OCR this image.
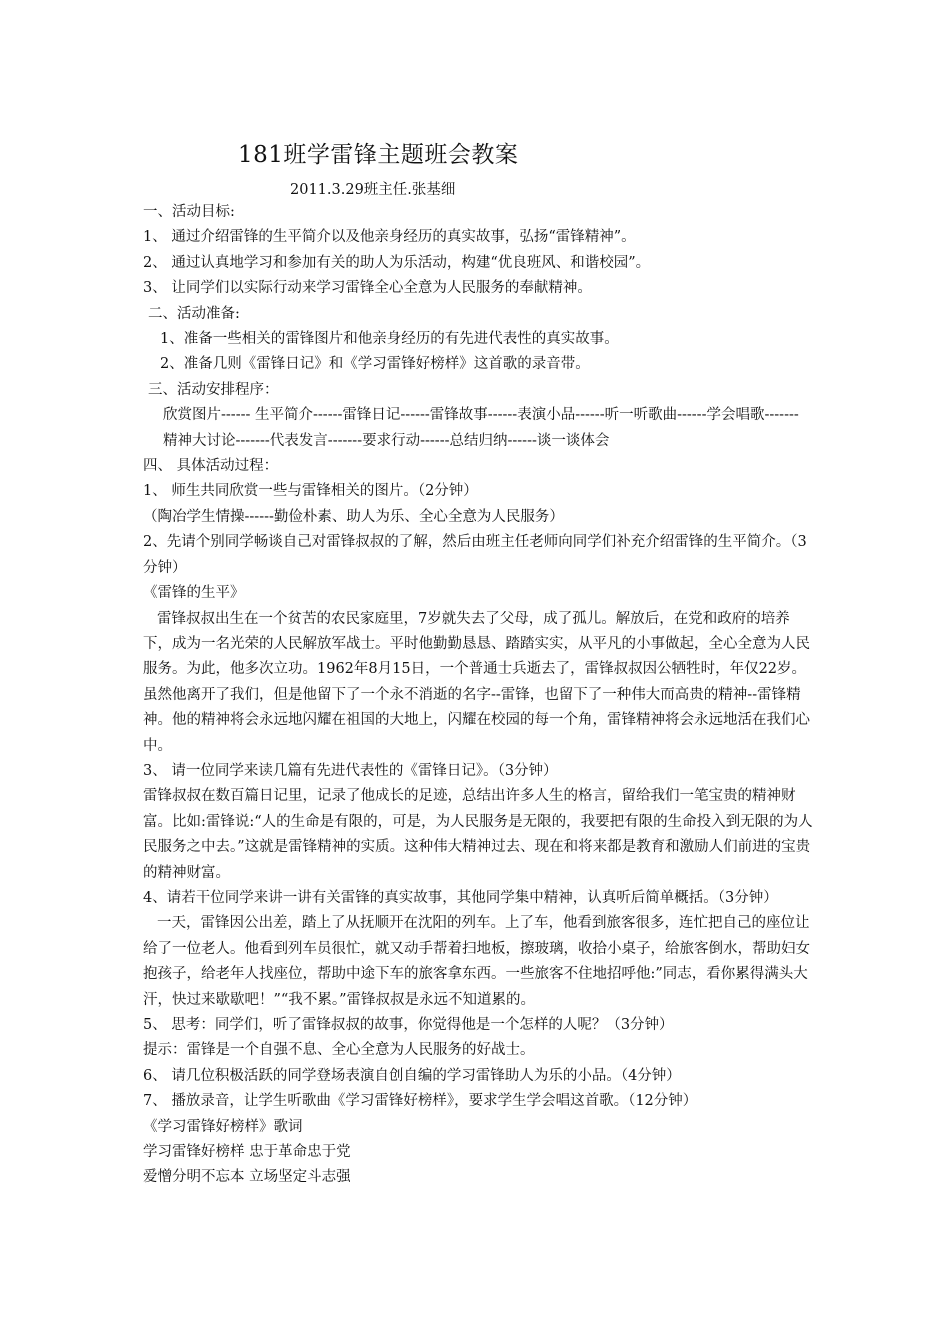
181班学雷锋主题班会教案
2011.3.29班主任.张基细

一、活动目标:

1、 通过介绍雷锋的生平简介以及他亲身经历的真实故事，弘扬“雷锋精神”。

2、 通过认真地学习和参加有关的助人为乐活动，构建“优良班风、和谐校园”。

3、 让同学们以实际行动来学习雷锋全心全意为人民服务的奉献精神。

二、活动准备:

1、准备一些相关的雷锋图片和他亲身经历的有先进代表性的真实故事。

2、准备几则《雷锋日记》和《学习雷锋好榜样》这首歌的录音带。

三、活动安排程序：

欣赏图片------ 生平简介------雷锋日记------雷锋故事------表演小品------听一听歌曲------学会唱歌-------精神大讨论-------代表发言-------要求行动------总结归纳------谈一谈体会

四、 具体活动过程：

1、 师生共同欣赏一些与雷锋相关的图片。（2分钟）

（陶冶学生情操------勤俭朴素、助人为乐、全心全意为人民服务）

2、先请个别同学畅谈自己对雷锋叔叔的了解，然后由班主任老师向同学们补充介绍雷锋的生平简介。（3分钟）

《雷锋的生平》

雷锋叔叔出生在一个贫苦的农民家庭里，7岁就失去了父母，成了孤儿。解放后，在党和政府的培养下，成为一名光荣的人民解放军战士。平时他勤勤恳恳、踏踏实实，从平凡的小事做起，全心全意为人民服务。为此，他多次立功。1962年8月15日，一个普通士兵逝去了，雷锋叔叔因公牺牲时，年仅22岁。虽然他离开了我们，但是他留下了一个永不消逝的名字--雷锋，也留下了一种伟大而高贵的精神--雷锋精神。他的精神将会永远地闪耀在祖国的大地上，闪耀在校园的每一个角，雷锋精神将会永远地活在我们心中。

3、 请一位同学来读几篇有先进代表性的《雷锋日记》。（3分钟）

雷锋叔叔在数百篇日记里，记录了他成长的足迹，总结出许多人生的格言，留给我们一笔宝贵的精神财富。比如:雷锋说:“人的生命是有限的，可是，为人民服务是无限的，我要把有限的生命投入到无限的为人民服务之中去。”这就是雷锋精神的实质。这种伟大精神过去、现在和将来都是教育和激励人们前进的宝贵的精神财富。

4、请若干位同学来讲一讲有关雷锋的真实故事，其他同学集中精神，认真听后简单概括。（3分钟）

一天，雷锋因公出差，踏上了从抚顺开在沈阳的列车。上了车，他看到旅客很多，连忙把自己的座位让给了一位老人。他看到列车员很忙，就又动手帮着扫地板，擦玻璃，收拾小桌子，给旅客倒水，帮助妇女抱孩子，给老年人找座位，帮助中途下车的旅客拿东西。一些旅客不住地招呼他:”同志，看你累得满头大汗，快过来歇歇吧！”“我不累。”雷锋叔叔是永远不知道累的。

5、 思考：同学们，听了雷锋叔叔的故事，你觉得他是一个怎样的人呢？（3分钟）

提示：雷锋是一个自强不息、全心全意为人民服务的好战士。

6、 请几位积极活跃的同学登场表演自创自编的学习雷锋助人为乐的小品。（4分钟）

7、 播放录音，让学生听歌曲《学习雷锋好榜样》，要求学生学会唱这首歌。（12分钟）

《学习雷锋好榜样》歌词

学习雷锋好榜样 忠于革命忠于党

爱憎分明不忘本 立场坚定斗志强
